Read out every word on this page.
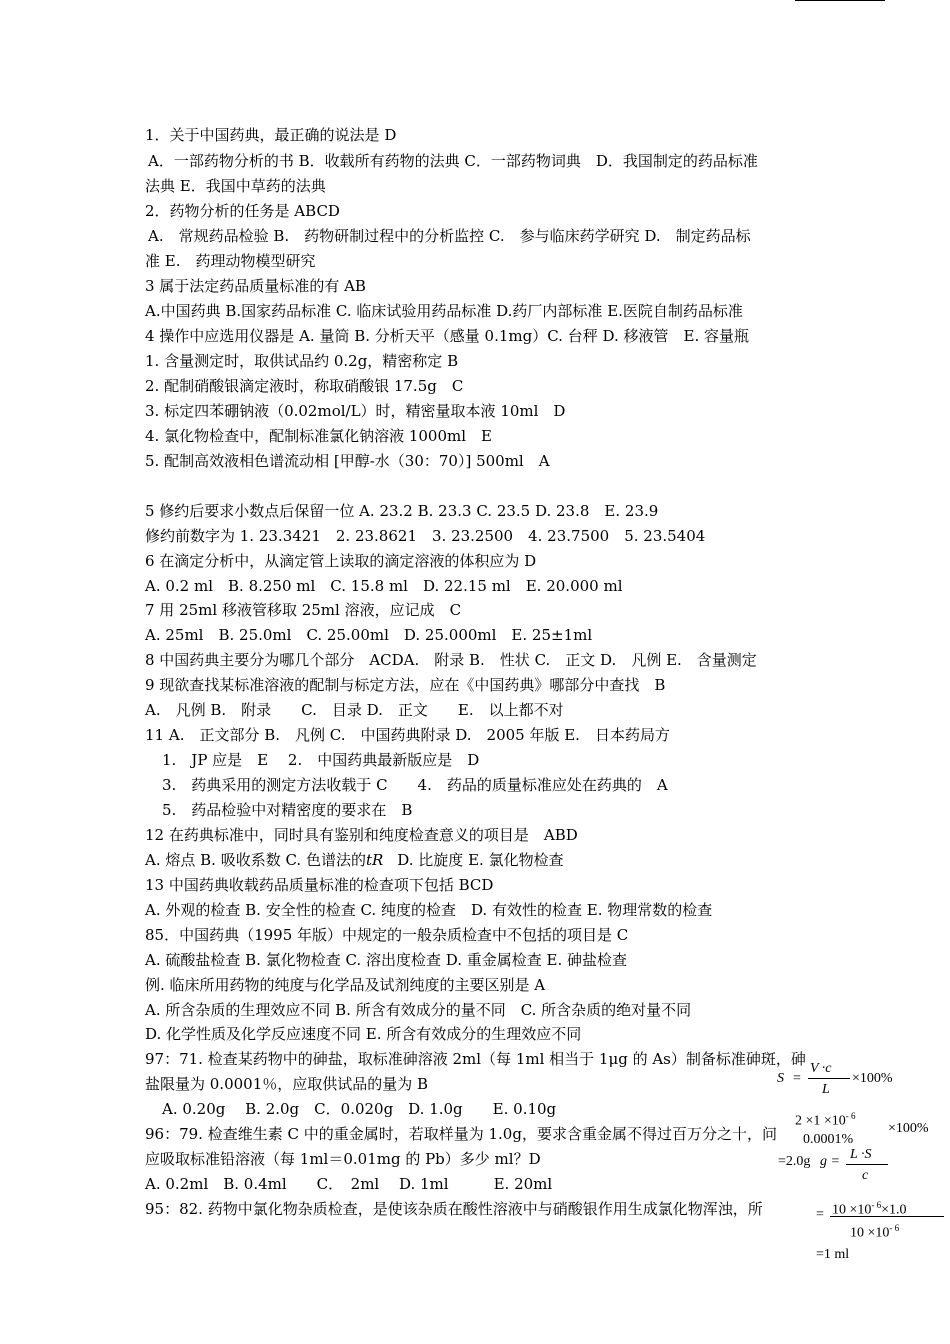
1．关于中国药典，最正确的说法是 D
A．一部药物分析的书 B．收载所有药物的法典 C．一部药物词典　D．我国制定的药品标准
法典 E．我国中草药的法典
2．药物分析的任务是 ABCD
A.　常规药品检验 B.　药物研制过程中的分析监控 C.　参与临床药学研究 D.　制定药品标
准 E.　药理动物模型研究
3 属于法定药品质量标准的有 AB
A.中国药典 B.国家药品标准 C. 临床试验用药品标准 D.药厂内部标准 E.医院自制药品标准
4 操作中应选用仪器是 A. 量筒 B. 分析天平（感量 0.1mg）C. 台秤 D. 移液管　E. 容量瓶
1. 含量测定时，取供试品约 0.2g，精密称定 B
2. 配制硝酸银滴定液时，称取硝酸银 17.5g　C
3. 标定四苯硼钠液（0.02mol/L）时，精密量取本液 10ml　D
4. 氯化物检查中，配制标准氯化钠溶液 1000ml　E
5. 配制高效液相色谱流动相 [甲醇-水（30：70）] 500ml　A
5 修约后要求小数点后保留一位 A. 23.2 B. 23.3 C. 23.5 D. 23.8　E. 23.9
修约前数字为 1. 23.3421　2. 23.8621　3. 23.2500　4. 23.7500　5. 23.5404
6 在滴定分析中，从滴定管上读取的滴定溶液的体积应为 D
A. 0.2 ml　B. 8.250 ml　C. 15.8 ml　D. 22.15 ml　E. 20.000 ml
7 用 25ml 移液管移取 25ml 溶液，应记成　C
A. 25ml　B. 25.0ml　C. 25.00ml　D. 25.000ml　E. 25±1ml
8 中国药典主要分为哪几个部分　ACDA.　附录 B.　性状 C.　正文 D.　凡例 E.　含量测定
9 现欲查找某标准溶液的配制与标定方法，应在《中国药典》哪部分中查找　B
A.　凡例 B.　附录　　C.　目录 D.　正文　　E.　以上都不对
11 A.　正文部分 B.　凡例 C.　中国药典附录 D.　2005 年版 E.　日本药局方
1.　JP 应是　E　 2.　中国药典最新版应是　D
3.　药典采用的测定方法收载于 C　　4.　药品的质量标准应处在药典的　A
5.　药品检验中对精密度的要求在　B
12 在药典标准中，同时具有鉴别和纯度检查意义的项目是　ABD
A. 熔点 B. 吸收系数 C. 色谱法的tR D. 比旋度 E. 氯化物检查
13 中国药典收载药品质量标准的检查项下包括 BCD
A. 外观的检查 B. 安全性的检查 C. 纯度的检查　D. 有效性的检查 E. 物理常数的检查
85．中国药典（1995 年版）中规定的一般杂质检查中不包括的项目是 C
A. 硫酸盐检查 B. 氯化物检查 C. 溶出度检查 D. 重金属检查 E. 砷盐检查
例. 临床所用药物的纯度与化学品及试剂纯度的主要区别是 A
A. 所含杂质的生理效应不同 B. 所含有效成分的量不同　C. 所含杂质的绝对量不同
D. 化学性质及化学反应速度不同 E. 所含有效成分的生理效应不同
97：71. 检查某药物中的砷盐，取标准砷溶液 2ml（每 1ml 相当于 1μg 的 As）制备标准砷斑，砷
盐限量为 0.0001％，应取供试品的量为 B
A. 0.20g　 B. 2.0g　C．0.020g　D. 1.0g　　E. 0.10g
96：79. 检查维生素 C 中的重金属时，若取样量为 1.0g，要求含重金属不得过百万分之十，问
应吸取标准铅溶液（每 1ml＝0.01mg 的 Pb）多少 ml？D
A. 0.2ml　B. 0.4ml　　C．　2ml　 D. 1ml　　　E. 20ml
95：82. 药物中氯化物杂质检查，是使该杂质在酸性溶液中与硝酸银作用生成氯化物浑浊，所
S =
V ·c
L
×100%
$2 \times 1 \times 10^{- 6}$
0.0001%
×100%
=2.0g g = L ·S
c
= $10 \times 10^{- 6}\times 1.0$
$10 \times 10^{- 6}$
=1 ml
